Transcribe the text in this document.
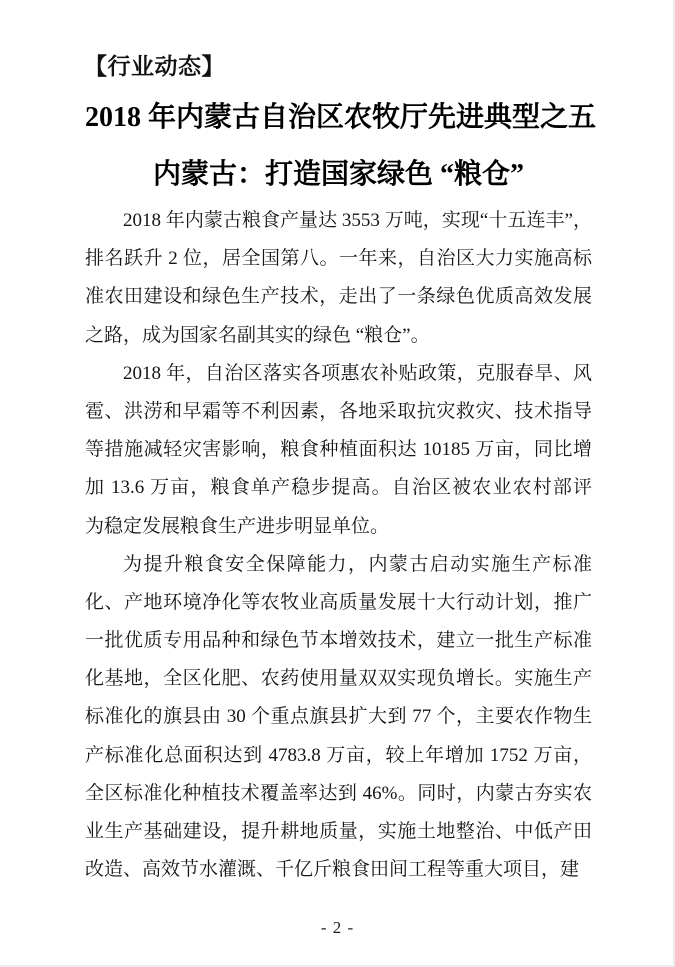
【行业动态】
2018 年内蒙古自治区农牧厅先进典型之五
内蒙古：打造国家绿色 “粮仓”
2018 年内蒙古粮食产量达 3553 万吨，实现“十五连丰”，
排名跃升 2 位，居全国第八。一年来，自治区大力实施高标
准农田建设和绿色生产技术，走出了一条绿色优质高效发展
之路，成为国家名副其实的绿色 “粮仓”。
2018 年，自治区落实各项惠农补贴政策，克服春旱、风
雹、洪涝和早霜等不利因素，各地采取抗灾救灾、技术指导
等措施减轻灾害影响，粮食种植面积达 10185 万亩，同比增
加 13.6 万亩，粮食单产稳步提高。自治区被农业农村部评
为稳定发展粮食生产进步明显单位。
为提升粮食安全保障能力，内蒙古启动实施生产标准
化、产地环境净化等农牧业高质量发展十大行动计划，推广
一批优质专用品种和绿色节本增效技术，建立一批生产标准
化基地，全区化肥、农药使用量双双实现负增长。实施生产
标准化的旗县由 30 个重点旗县扩大到 77 个，主要农作物生
产标准化总面积达到 4783.8 万亩，较上年增加 1752 万亩，
全区标准化种植技术覆盖率达到 46%。同时，内蒙古夯实农
业生产基础建设，提升耕地质量，实施土地整治、中低产田
改造、高效节水灌溉、千亿斤粮食田间工程等重大项目，建
- 2 -
